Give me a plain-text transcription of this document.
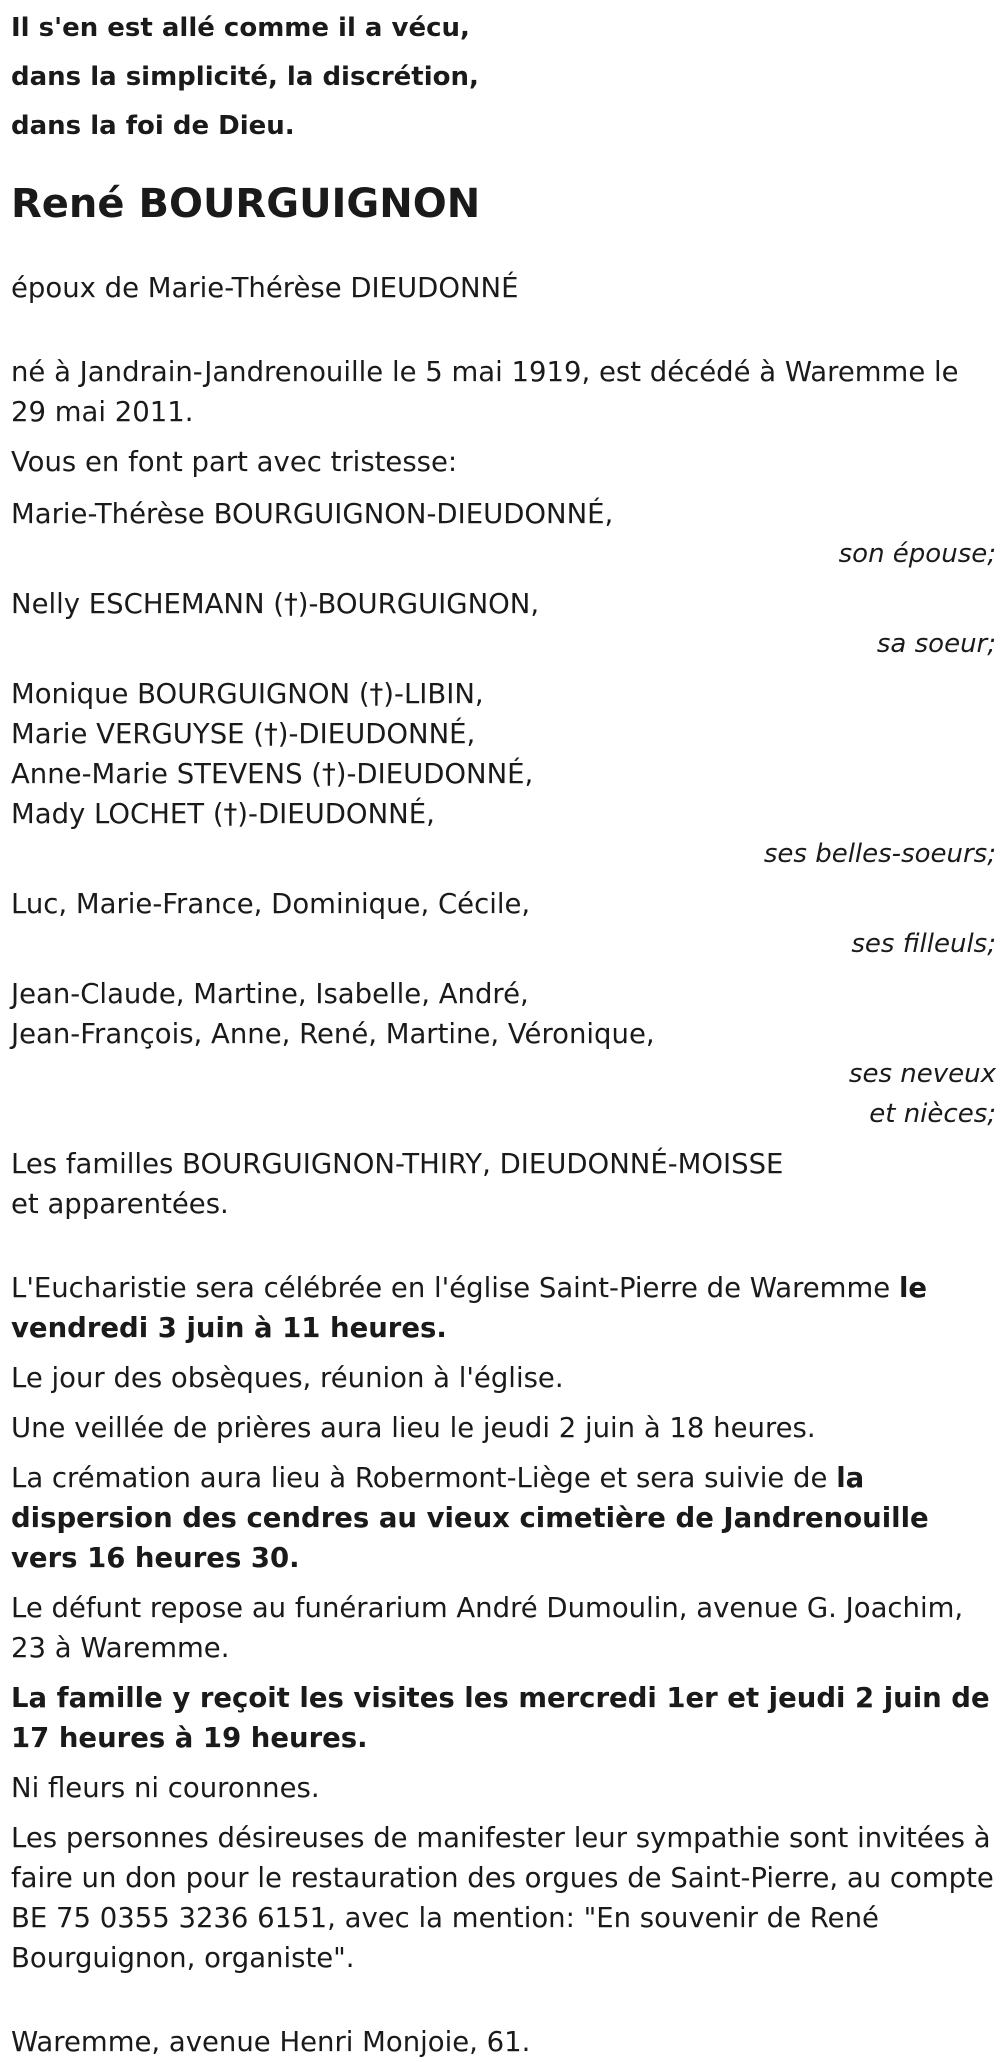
Il s'en est allé comme il a vécu,

dans la simplicité, la discrétion,

dans la foi de Dieu.

René BOURGUIGNON

époux de Marie-Thérèse DIEUDONNÉ

né à Jandrain-Jandrenouille le 5 mai 1919, est décédé à Waremme le 29 mai 2011.

Vous en font part avec tristesse:

Marie-Thérèse BOURGUIGNON-DIEUDONNÉ,
son épouse;
Nelly ESCHEMANN (†)-BOURGUIGNON,
sa soeur;
Monique BOURGUIGNON (†)-LIBIN,
Marie VERGUYSE (†)-DIEUDONNÉ,
Anne-Marie STEVENS (†)-DIEUDONNÉ,
Mady LOCHET (†)-DIEUDONNÉ,
ses belles-soeurs;
Luc, Marie-France, Dominique, Cécile,
ses filleuls;
Jean-Claude, Martine, Isabelle, André,
Jean-François, Anne, René, Martine, Véronique,
ses neveux et nièces;
Les familles BOURGUIGNON-THIRY, DIEUDONNÉ-MOISSE
et apparentées.

L'Eucharistie sera célébrée en l'église Saint-Pierre de Waremme le vendredi 3 juin à 11 heures.

Le jour des obsèques, réunion à l'église.

Une veillée de prières aura lieu le jeudi 2 juin à 18 heures.

La crémation aura lieu à Robermont-Liège et sera suivie de la dispersion des cendres au vieux cimetière de Jandrenouille vers 16 heures 30.

Le défunt repose au funérarium André Dumoulin, avenue G. Joachim, 23 à Waremme.

La famille y reçoit les visites les mercredi 1er et jeudi 2 juin de 17 heures à 19 heures.

Ni fleurs ni couronnes.

Les personnes désireuses de manifester leur sympathie sont invitées à faire un don pour le restauration des orgues de Saint-Pierre, au compte BE 75 0355 3236 6151, avec la mention: "En souvenir de René Bourguignon, organiste".

Waremme, avenue Henri Monjoie, 61.
